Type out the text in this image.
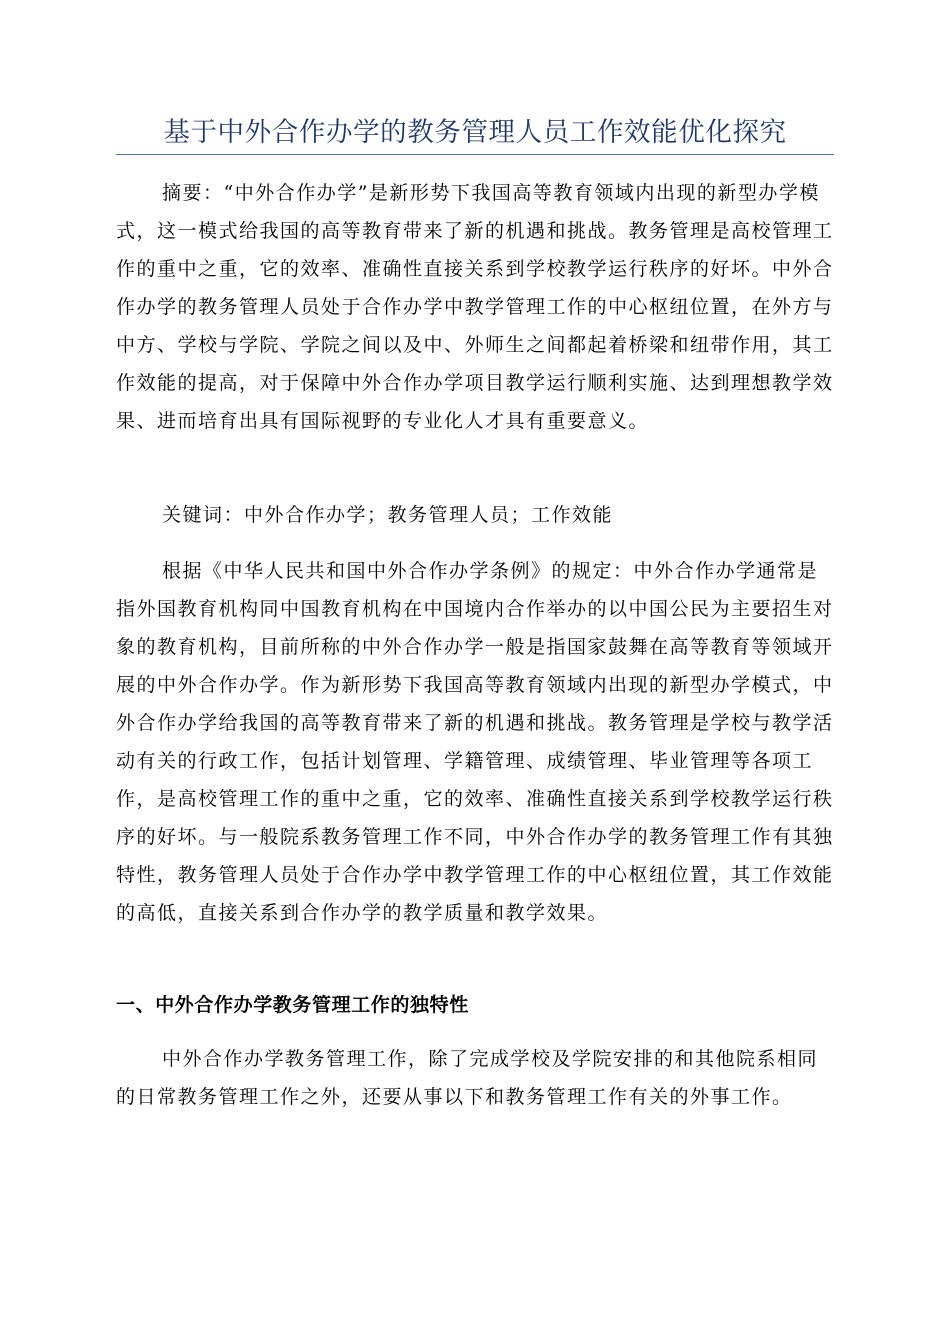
基于中外合作办学的教务管理人员工作效能优化探究

摘要：“中外合作办学”是新形势下我国高等教育领域内出现的新型办学模式，这一模式给我国的高等教育带来了新的机遇和挑战。教务管理是高校管理工作的重中之重，它的效率、准确性直接关系到学校教学运行秩序的好坏。中外合作办学的教务管理人员处于合作办学中教学管理工作的中心枢纽位置，在外方与中方、学校与学院、学院之间以及中、外师生之间都起着桥梁和纽带作用，其工作效能的提高，对于保障中外合作办学项目教学运行顺利实施、达到理想教学效果、进而培育出具有国际视野的专业化人才具有重要意义。

关键词：中外合作办学；教务管理人员；工作效能

根据《中华人民共和国中外合作办学条例》的规定：中外合作办学通常是指外国教育机构同中国教育机构在中国境内合作举办的以中国公民为主要招生对象的教育机构，目前所称的中外合作办学一般是指国家鼓舞在高等教育等领域开展的中外合作办学。作为新形势下我国高等教育领域内出现的新型办学模式，中外合作办学给我国的高等教育带来了新的机遇和挑战。教务管理是学校与教学活动有关的行政工作，包括计划管理、学籍管理、成绩管理、毕业管理等各项工作，是高校管理工作的重中之重，它的效率、准确性直接关系到学校教学运行秩序的好坏。与一般院系教务管理工作不同，中外合作办学的教务管理工作有其独特性，教务管理人员处于合作办学中教学管理工作的中心枢纽位置，其工作效能的高低，直接关系到合作办学的教学质量和教学效果。

一、中外合作办学教务管理工作的独特性

中外合作办学教务管理工作，除了完成学校及学院安排的和其他院系相同的日常教务管理工作之外，还要从事以下和教务管理工作有关的外事工作。
